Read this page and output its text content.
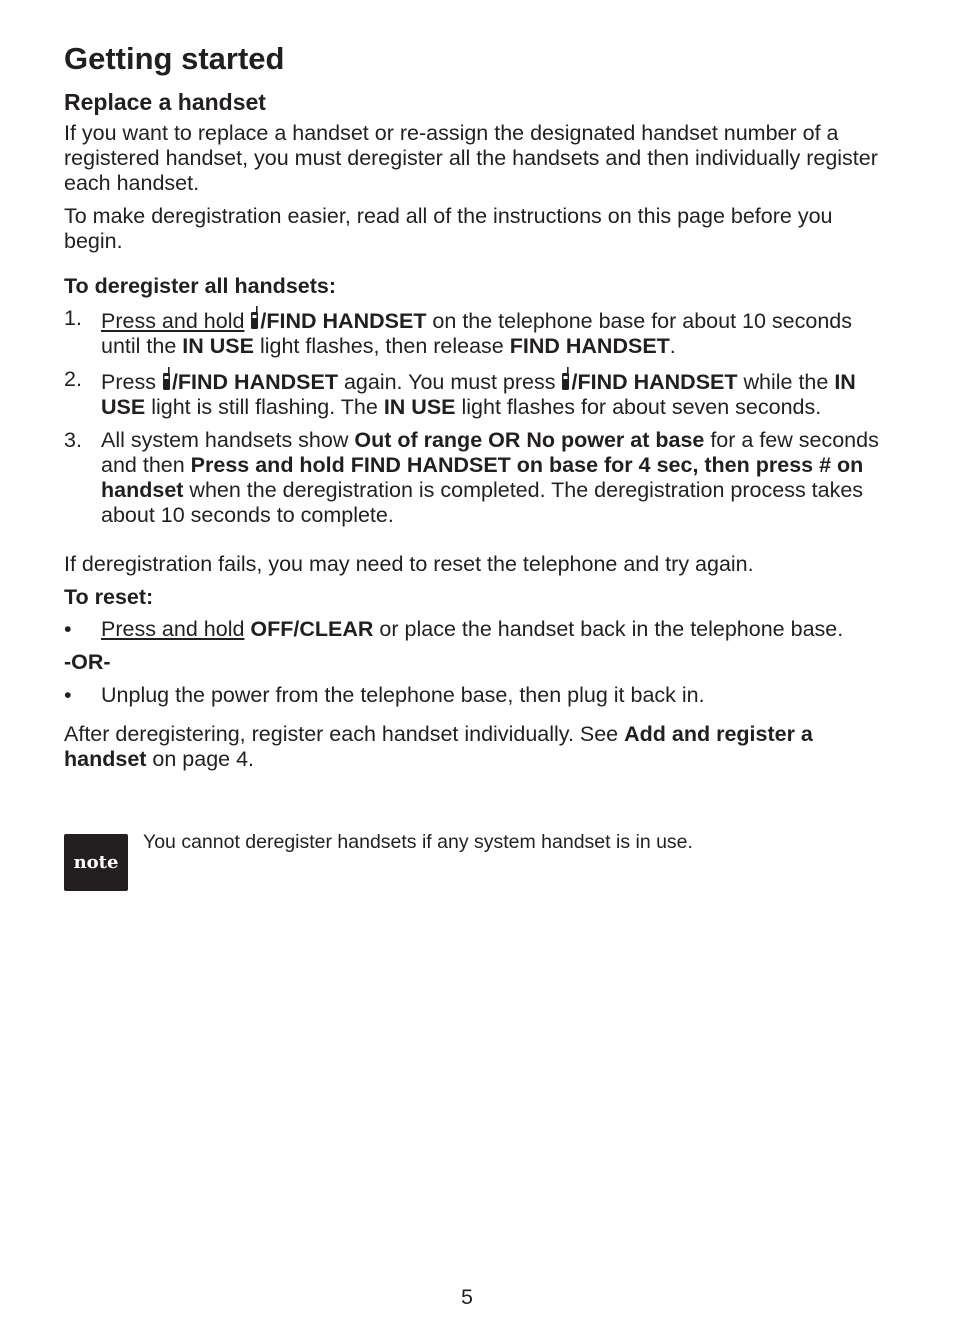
Getting started
Replace a handset

If you want to replace a handset or re-assign the designated handset number of a registered handset, you must deregister all the handsets and then individually register each handset.

To make deregistration easier, read all of the instructions on this page before you begin.

To deregister all handsets:
1. Press and hold /FIND HANDSET on the telephone base for about 10 seconds until the IN USE light flashes, then release FIND HANDSET.
2. Press /FIND HANDSET again. You must press /FIND HANDSET while the IN USE light is still flashing. The IN USE light flashes for about seven seconds.
3. All system handsets show Out of range OR No power at base for a few seconds and then Press and hold FIND HANDSET on base for 4 sec, then press # on handset when the deregistration is completed. The deregistration process takes about 10 seconds to complete.

If deregistration fails, you may need to reset the telephone and try again.

To reset:
• Press and hold OFF/CLEAR or place the handset back in the telephone base.
-OR-
• Unplug the power from the telephone base, then plug it back in.

After deregistering, register each handset individually. See Add and register a handset on page 4.

note
You cannot deregister handsets if any system handset is in use.
5
